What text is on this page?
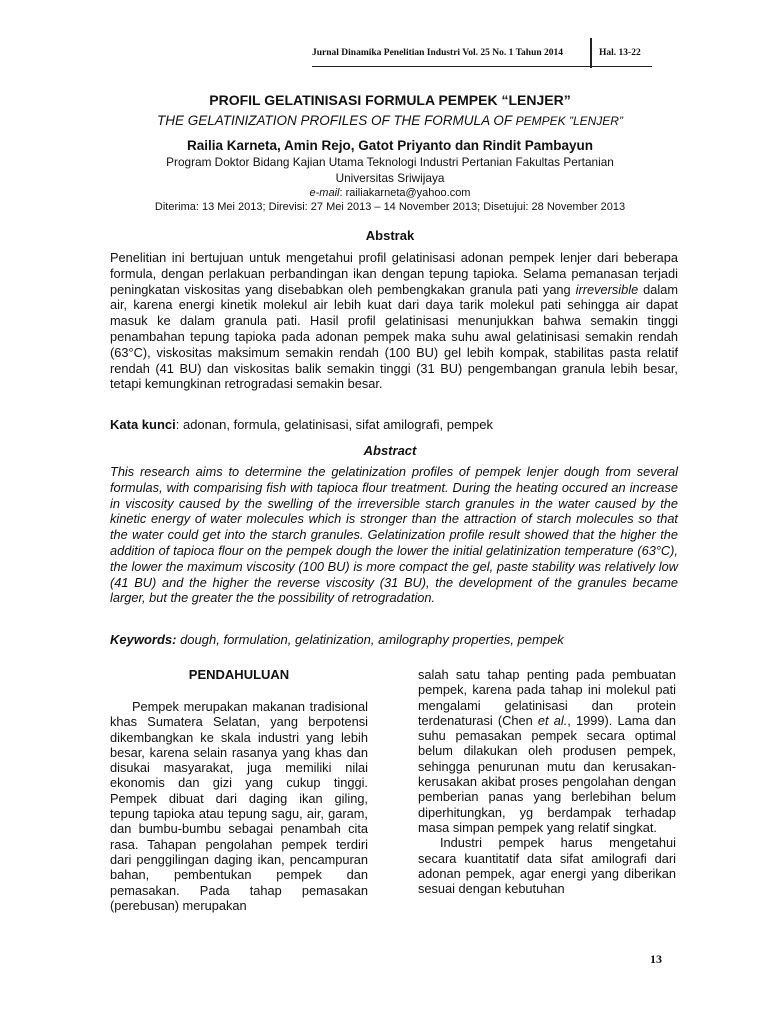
Jurnal Dinamika Penelitian Industri Vol. 25 No. 1 Tahun 2014	Hal. 13-22
PROFIL GELATINISASI FORMULA PEMPEK “LENJER”
THE GELATINIZATION PROFILES OF THE FORMULA OF PEMPEK ”LENJER”
Railia Karneta, Amin Rejo, Gatot Priyanto dan Rindit Pambayun
Program Doktor Bidang Kajian Utama Teknologi Industri Pertanian Fakultas Pertanian
Universitas Sriwijaya
e-mail: railiakarneta@yahoo.com
Diterima: 13 Mei 2013; Direvisi: 27 Mei 2013 – 14 November 2013; Disetujui: 28 November 2013
Abstrak
Penelitian ini bertujuan untuk mengetahui profil gelatinisasi adonan pempek lenjer dari beberapa formula, dengan perlakuan perbandingan ikan dengan tepung tapioka. Selama pemanasan terjadi peningkatan viskositas yang disebabkan oleh pembengkakan granula pati yang irreversible dalam air, karena energi kinetik molekul air lebih kuat dari daya tarik molekul pati sehingga air dapat masuk ke dalam granula pati. Hasil profil gelatinisasi menunjukkan bahwa semakin tinggi penambahan tepung tapioka pada adonan pempek maka suhu awal gelatinisasi semakin rendah (63°C), viskositas maksimum semakin rendah (100 BU) gel lebih kompak, stabilitas pasta relatif rendah (41 BU) dan viskositas balik semakin tinggi (31 BU) pengembangan granula lebih besar, tetapi kemungkinan retrogradasi semakin besar.
Kata kunci: adonan, formula, gelatinisasi, sifat amilografi, pempek
Abstract
This research aims to determine the gelatinization profiles of pempek lenjer dough from several formulas, with comparising fish with tapioca flour treatment. During the heating occured an increase in viscosity caused by the swelling of the irreversible starch granules in the water caused by the kinetic energy of water molecules which is stronger than the attraction of starch molecules so that the water could get into the starch granules. Gelatinization profile result showed that the higher the addition of tapioca flour on the pempek dough the lower the initial gelatinization temperature (63°C), the lower the maximum viscosity (100 BU) is more compact the gel, paste stability was relatively low (41 BU) and the higher the reverse viscosity (31 BU), the development of the granules became larger, but the greater the the possibility of retrogradation.
Keywords: dough, formulation, gelatinization, amilography properties, pempek
PENDAHULUAN

Pempek merupakan makanan tradisional khas Sumatera Selatan, yang berpotensi dikembangkan ke skala industri yang lebih besar, karena selain rasanya yang khas dan disukai masyarakat, juga memiliki nilai ekonomis dan gizi yang cukup tinggi. Pempek dibuat dari daging ikan giling, tepung tapioka atau tepung sagu, air, garam, dan bumbu-bumbu sebagai penambah cita rasa. Tahapan pengolahan pempek terdiri dari penggilingan daging ikan, pencampuran bahan, pembentukan pempek dan pemasakan. Pada tahap pemasakan (perebusan) merupakan

salah satu tahap penting pada pembuatan pempek, karena pada tahap ini molekul pati mengalami gelatinisasi dan protein terdenaturasi (Chen et al., 1999). Lama dan suhu pemasakan pempek secara optimal belum dilakukan oleh produsen pempek, sehingga penurunan mutu dan kerusakan-kerusakan akibat proses pengolahan dengan pemberian panas yang berlebihan belum diperhitungkan, yg berdampak terhadap masa simpan pempek yang relatif singkat.

Industri pempek harus mengetahui secara kuantitatif data sifat amilografi dari adonan pempek, agar energi yang diberikan sesuai dengan kebutuhan

13
